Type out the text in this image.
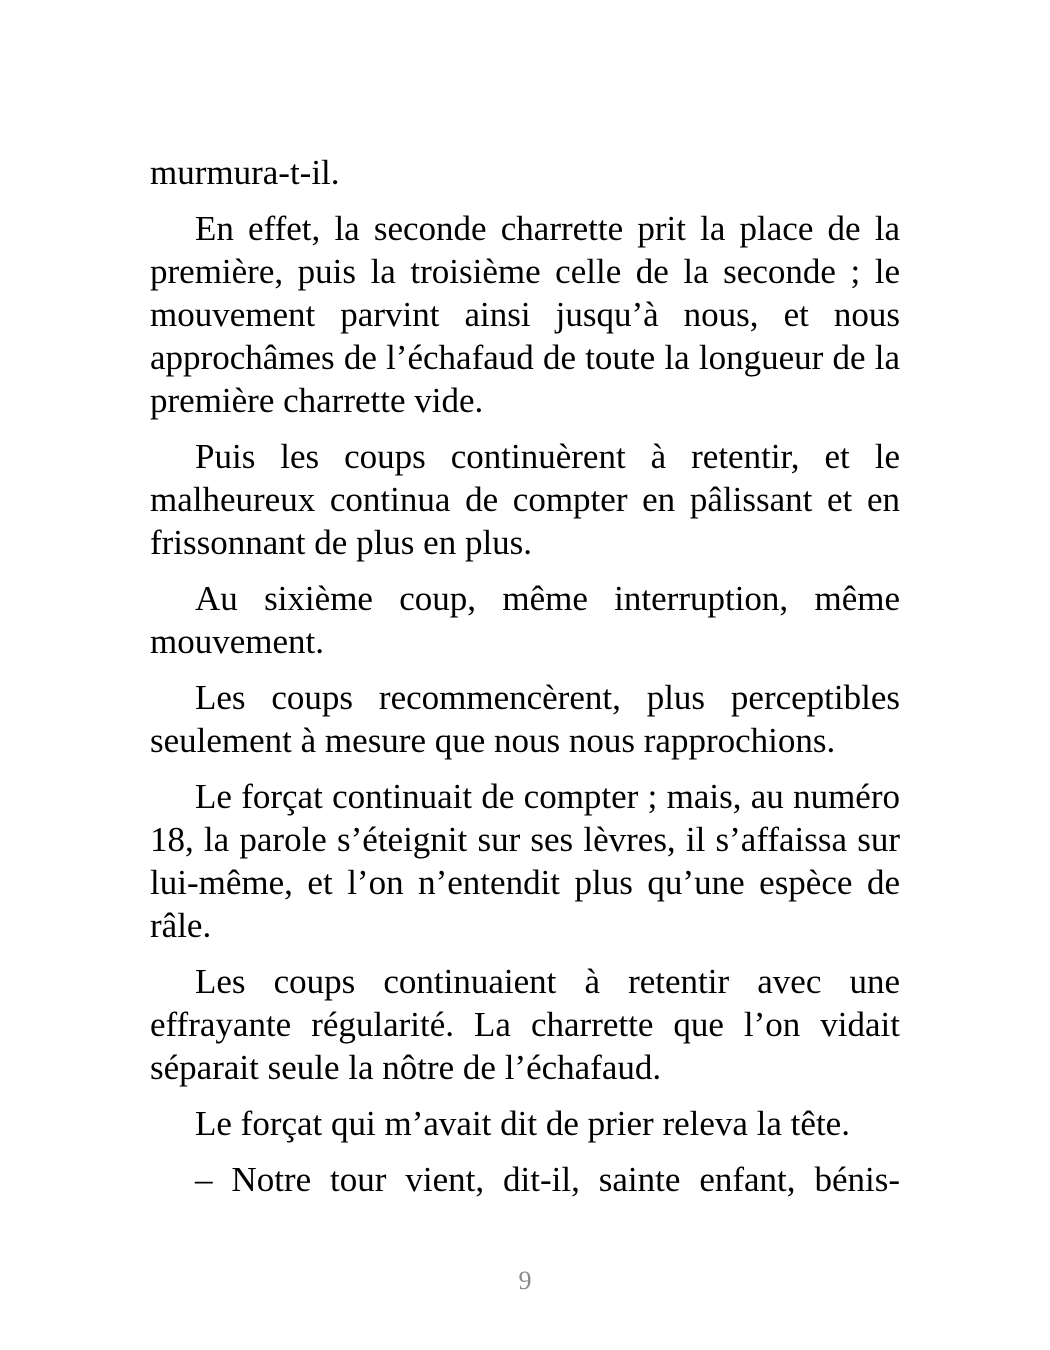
murmura-t-il.

En effet, la seconde charrette prit la place de la première, puis la troisième celle de la seconde ; le mouvement parvint ainsi jusqu’à nous, et nous approchâmes de l’échafaud de toute la longueur de la première charrette vide.

Puis les coups continuèrent à retentir, et le malheureux continua de compter en pâlissant et en frissonnant de plus en plus.

Au sixième coup, même interruption, même mouvement.

Les coups recommencèrent, plus perceptibles seulement à mesure que nous nous rapprochions.

Le forçat continuait de compter ; mais, au numéro 18, la parole s’éteignit sur ses lèvres, il s’affaissa sur lui-même, et l’on n’entendit plus qu’une espèce de râle.

Les coups continuaient à retentir avec une effrayante régularité. La charrette que l’on vidait séparait seule la nôtre de l’échafaud.

Le forçat qui m’avait dit de prier releva la tête.

– Notre tour vient, dit-il, sainte enfant, bénis-

9
